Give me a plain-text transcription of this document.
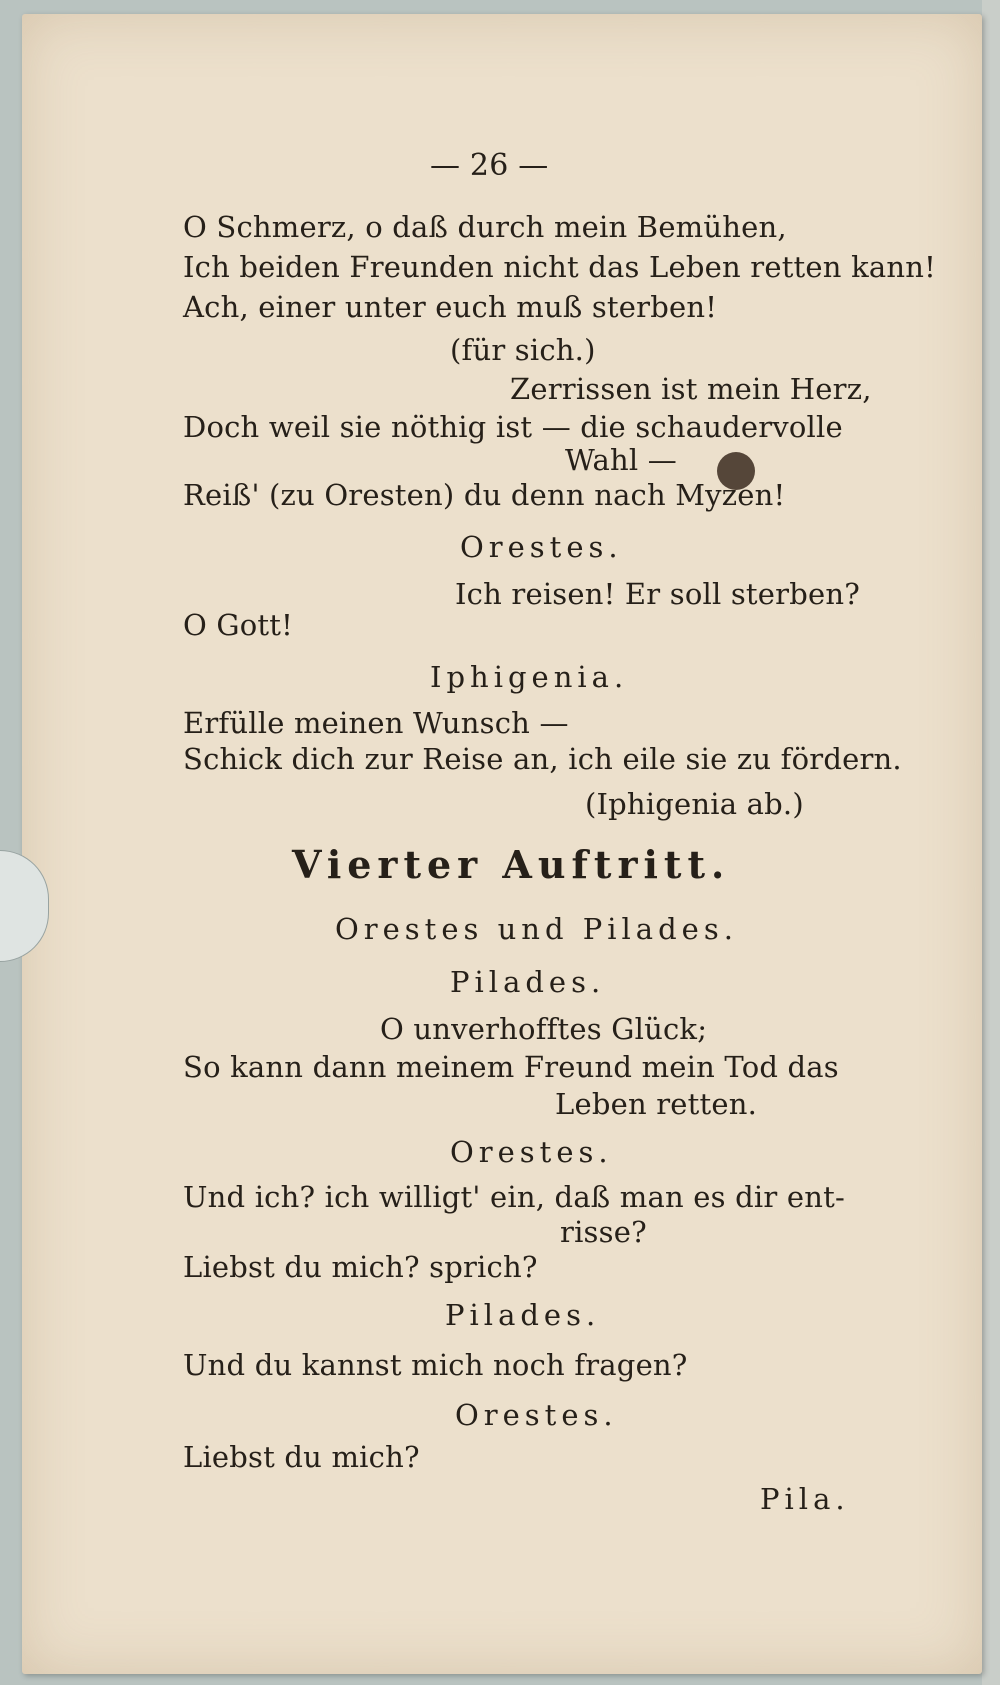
— 26 —
O Schmerz, o daß durch mein Bemühen,
Ich beiden Freunden nicht das Leben retten kann!
Ach, einer unter euch muß sterben!
(für sich.)
Zerrissen ist mein Herz,
Doch weil sie nöthig ist — die schaudervolle
Wahl —
Reiß' (zu Oresten) du denn nach Myzen!
Orestes.
Ich reisen! Er soll sterben?
O Gott!
Iphigenia.
Erfülle meinen Wunsch —
Schick dich zur Reise an, ich eile sie zu fördern.
(Iphigenia ab.)
Vierter Auftritt.
Orestes und Pilades.
Pilades.
O unverhofftes Glück;
So kann dann meinem Freund mein Tod das
Leben retten.
Orestes.
Und ich? ich willigt' ein, daß man es dir ent-
risse?
Liebst du mich? sprich?
Pilades.
Und du kannst mich noch fragen?
Orestes.
Liebst du mich?
Pila.
